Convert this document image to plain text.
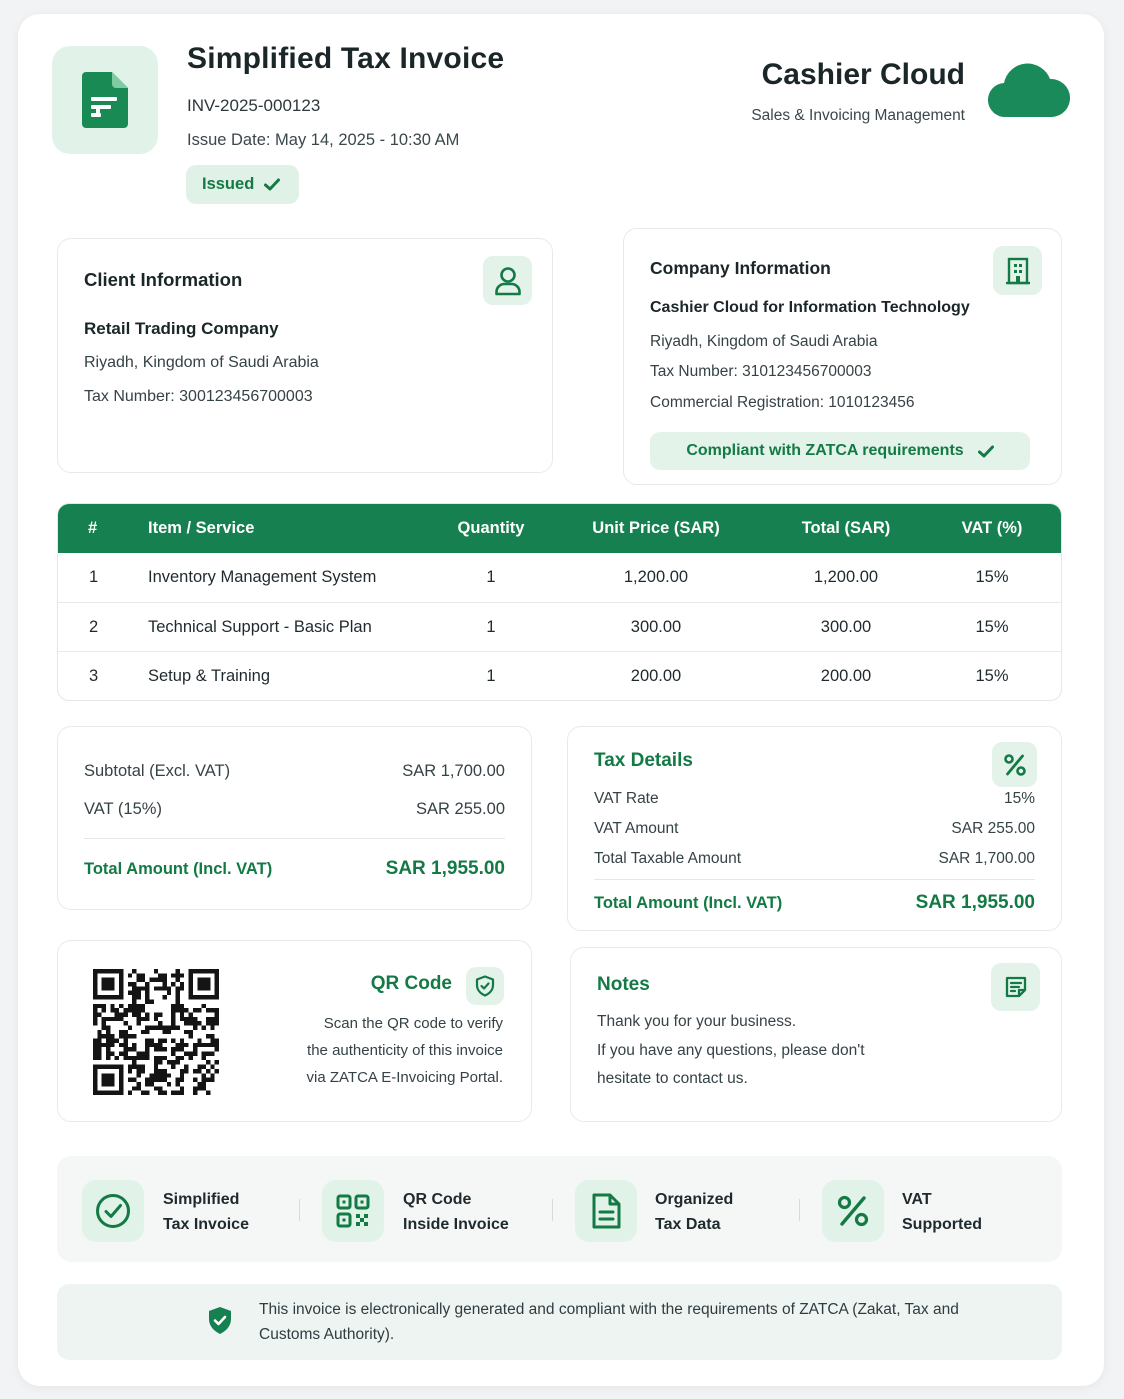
Simplified Tax Invoice
INV-2025-000123
Issue Date: May 14, 2025 - 10:30 AM
Issued
Cashier Cloud
Sales & Invoicing Management
Client Information
Retail Trading Company
Riyadh, Kingdom of Saudi Arabia
Tax Number: 300123456700003
Company Information
Cashier Cloud for Information Technology
Riyadh, Kingdom of Saudi Arabia
Tax Number: 310123456700003
Commercial Registration: 1010123456
Compliant with ZATCA requirements
#	Item / Service	Quantity	Unit Price (SAR)	Total (SAR)	VAT (%)
1	Inventory Management System	1	1,200.00	1,200.00	15%
2	Technical Support - Basic Plan	1	300.00	300.00	15%
3	Setup & Training	1	200.00	200.00	15%
Subtotal (Excl. VAT)	SAR 1,700.00
VAT (15%)	SAR 255.00
Total Amount (Incl. VAT)	SAR 1,955.00
Tax Details
VAT Rate	15%
VAT Amount	SAR 255.00
Total Taxable Amount	SAR 1,700.00
Total Amount (Incl. VAT)	SAR 1,955.00
QR Code
Scan the QR code to verify
the authenticity of this invoice
via ZATCA E-Invoicing Portal.
Notes
Thank you for your business.
If you have any questions, please don't
hesitate to contact us.
Simplified
Tax Invoice
QR Code
Inside Invoice
Organized
Tax Data
VAT
Supported
This invoice is electronically generated and compliant with the requirements of ZATCA (Zakat, Tax and Customs Authority).
